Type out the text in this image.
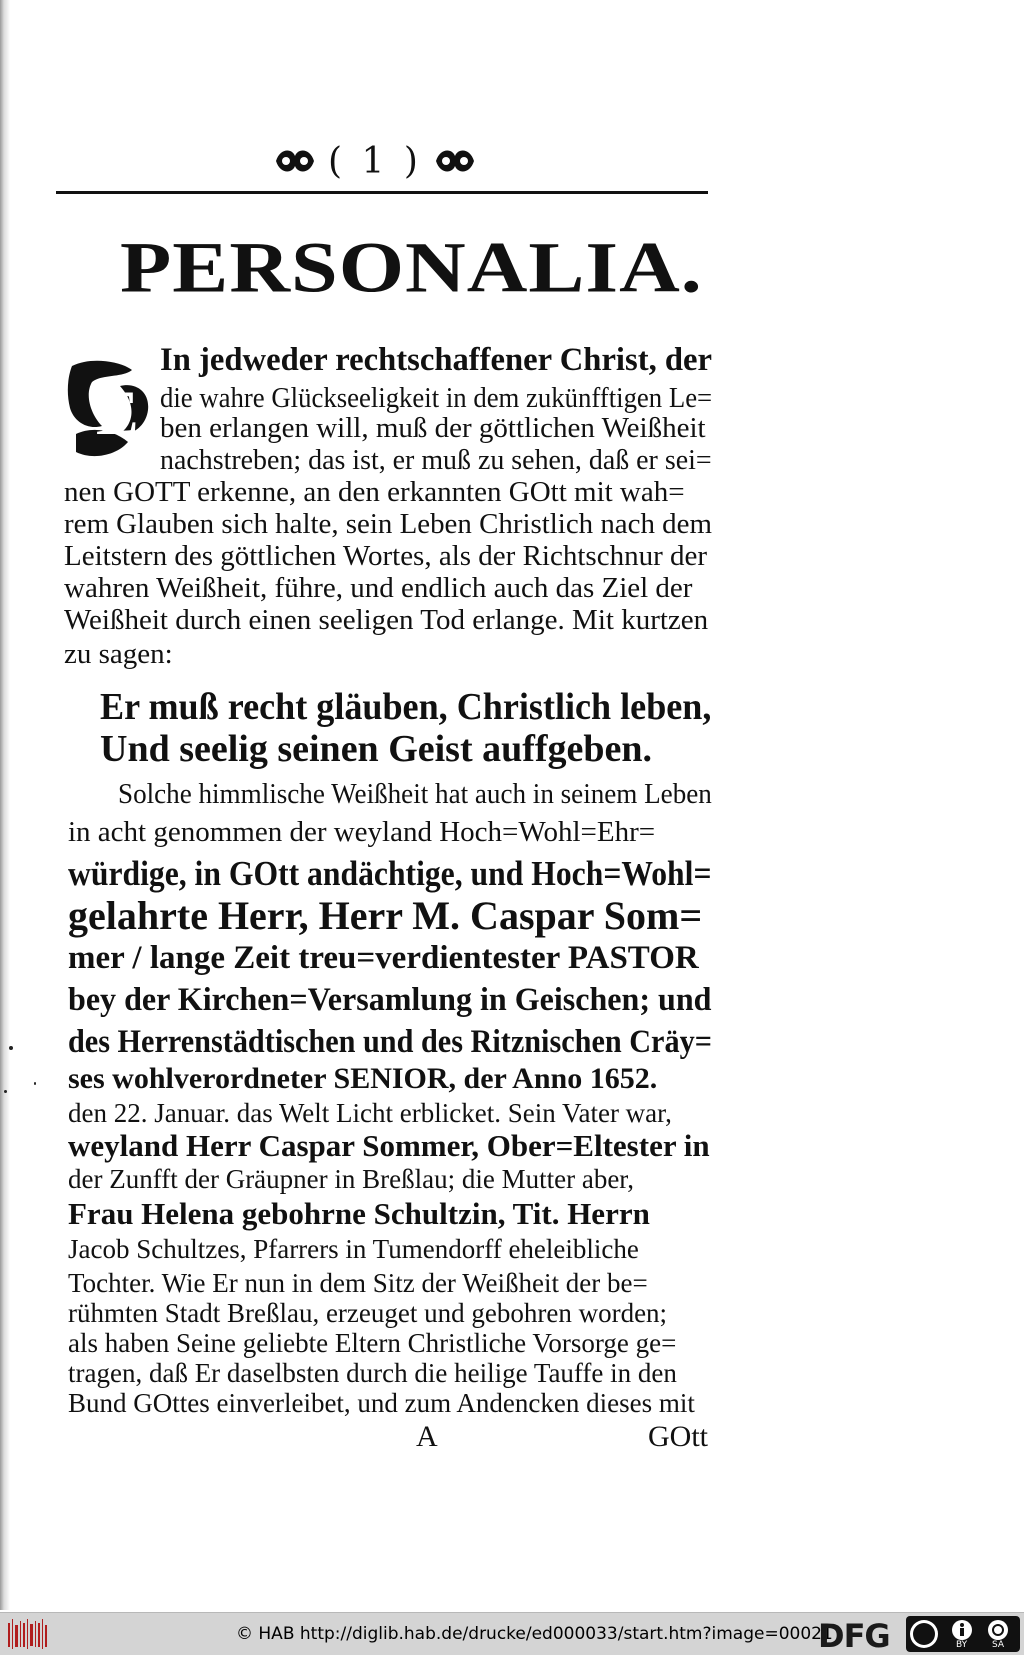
( 1 )
PERSONALIA.
E

In jedweder rechtschaffener Christ, der

die wahre Glückseeligkeit in dem zukünfftigen Le=

ben erlangen will, muß der göttlichen Weißheit

nachstreben; das ist, er muß zu sehen, daß er sei=

nen GOTT erkenne, an den erkannten GOtt mit wah=

rem Glauben sich halte, sein Leben Christlich nach dem

Leitstern des göttlichen Wortes, als der Richtschnur der

wahren Weißheit, führe, und endlich auch das Ziel der

Weißheit durch einen seeligen Tod erlange. Mit kurtzen

zu sagen:

Er muß recht gläuben, Christlich leben,

Und seelig seinen Geist auffgeben.

Solche himmlische Weißheit hat auch in seinem Leben

in acht genommen der weyland Hoch=Wohl=Ehr=

würdige, in GOtt andächtige, und Hoch=Wohl=

gelahrte Herr, Herr M. Caspar Som=

mer / lange Zeit treu=verdientester PASTOR

bey der Kirchen=Versamlung in Geischen; und

des Herrenstädtischen und des Ritznischen Cräy=

ses wohlverordneter SENIOR, der Anno 1652.

den 22. Januar. das Welt Licht erblicket. Sein Vater war,

weyland Herr Caspar Sommer, Ober=Eltester in

der Zunfft der Gräupner in Breßlau; die Mutter aber,

Frau Helena gebohrne Schultzin, Tit. Herrn

Jacob Schultzes, Pfarrers in Tumendorff eheleibliche

Tochter. Wie Er nun in dem Sitz der Weißheit der be=

rühmten Stadt Breßlau, erzeuget und gebohren worden;

als haben Seine geliebte Eltern Christliche Vorsorge ge=

tragen, daß Er daselbsten durch die heilige Tauffe in den

Bund GOttes einverleibet, und zum Andencken dieses mit

A	GOtt
© HAB http://diglib.hab.de/drucke/ed000033/start.htm?image=00021
DFG	BY	SA
